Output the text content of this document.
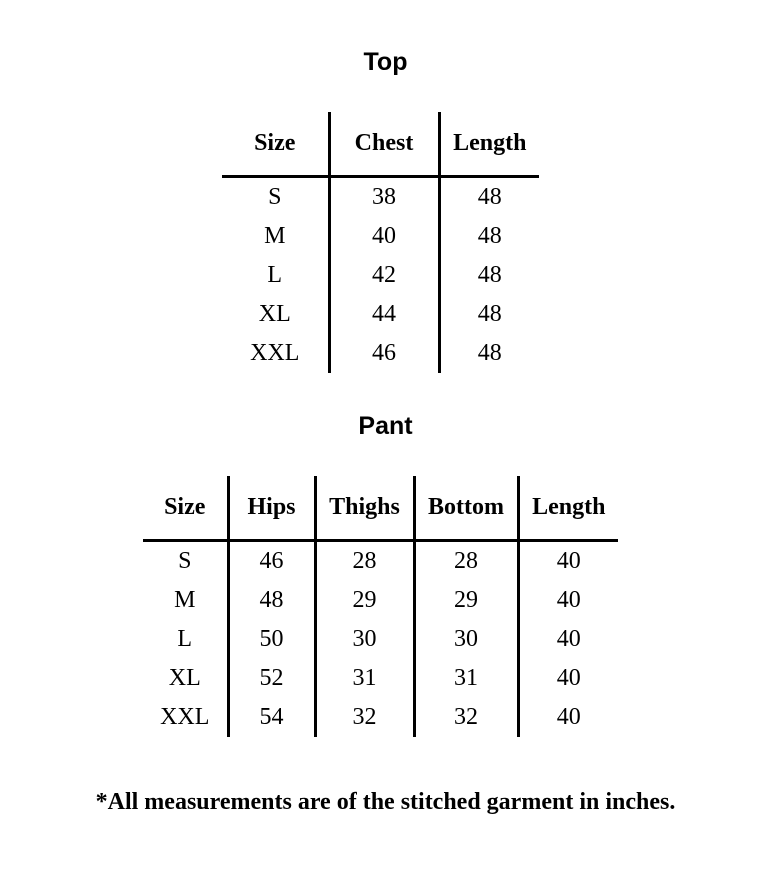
Top
Size	Chest	Length
S	38	48
M	40	48
L	42	48
XL	44	48
XXL	46	48
Pant
Size	Hips	Thighs	Bottom	Length
S	46	28	28	40
M	48	29	29	40
L	50	30	30	40
XL	52	31	31	40
XXL	54	32	32	40
*All measurements are of the stitched garment in inches.
